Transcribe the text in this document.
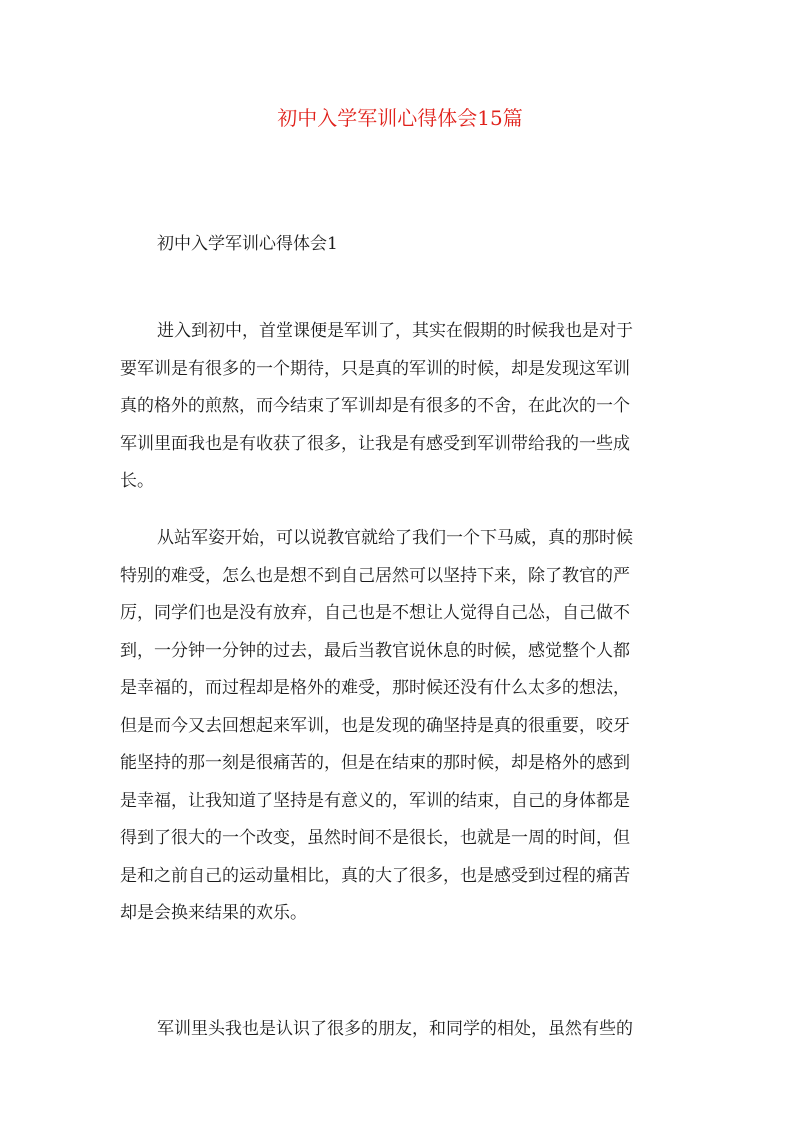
初中入学军训心得体会15篇
初中入学军训心得体会1
进入到初中，首堂课便是军训了，其实在假期的时候我也是对于
要军训是有很多的一个期待，只是真的军训的时候，却是发现这军训
真的格外的煎熬，而今结束了军训却是有很多的不舍，在此次的一个
军训里面我也是有收获了很多，让我是有感受到军训带给我的一些成
长。
从站军姿开始，可以说教官就给了我们一个下马威，真的那时候
特别的难受，怎么也是想不到自己居然可以坚持下来，除了教官的严
厉，同学们也是没有放弃，自己也是不想让人觉得自己怂，自己做不
到，一分钟一分钟的过去，最后当教官说休息的时候，感觉整个人都
是幸福的，而过程却是格外的难受，那时候还没有什么太多的想法，
但是而今又去回想起来军训，也是发现的确坚持是真的很重要，咬牙
能坚持的那一刻是很痛苦的，但是在结束的那时候，却是格外的感到
是幸福，让我知道了坚持是有意义的，军训的结束，自己的身体都是
得到了很大的一个改变，虽然时间不是很长，也就是一周的时间，但
是和之前自己的运动量相比，真的大了很多，也是感受到过程的痛苦
却是会换来结果的欢乐。
军训里头我也是认识了很多的朋友，和同学的相处，虽然有些的
